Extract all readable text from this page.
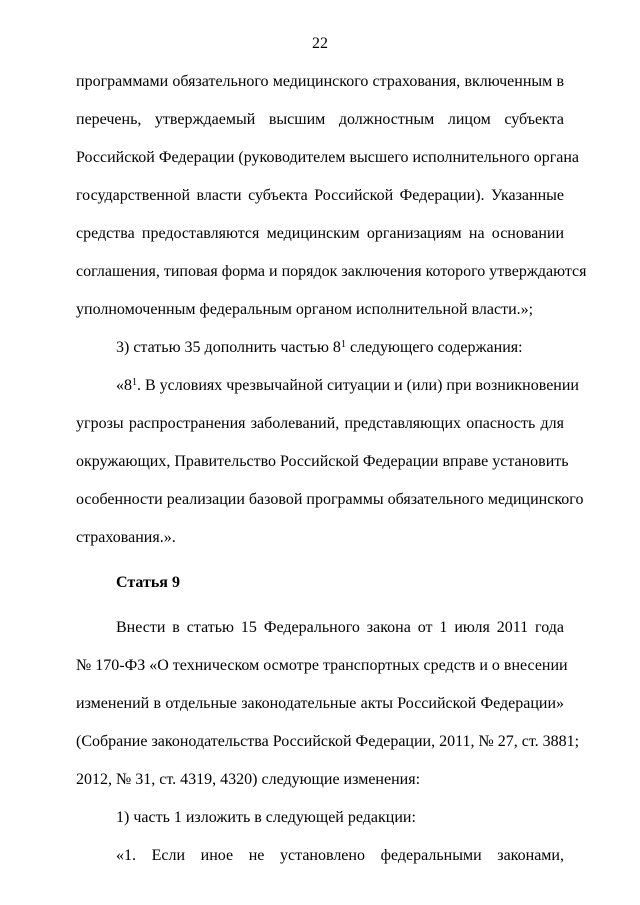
22
программами обязательного медицинского страхования, включенным в
перечень, утверждаемый высшим должностным лицом субъекта
Российской Федерации (руководителем высшего исполнительного органа
государственной власти субъекта Российской Федерации). Указанные
средства предоставляются медицинским организациям на основании
соглашения, типовая форма и порядок заключения которого утверждаются
уполномоченным федеральным органом исполнительной власти.»;
3) статью 35 дополнить частью $8^1$ следующего содержания:
«$8^1$. В условиях чрезвычайной ситуации и (или) при возникновении
угрозы распространения заболеваний, представляющих опасность для
окружающих, Правительство Российской Федерации вправе установить
особенности реализации базовой программы обязательного медицинского
страхования.».
Статья 9
Внести в статью 15 Федерального закона от 1 июля 2011 года
№ 170-ФЗ «О техническом осмотре транспортных средств и о внесении
изменений в отдельные законодательные акты Российской Федерации»
(Собрание законодательства Российской Федерации, 2011, № 27, ст. 3881;
2012, № 31, ст. 4319, 4320) следующие изменения:
1) часть 1 изложить в следующей редакции:
«1. Если иное не установлено федеральными законами,
